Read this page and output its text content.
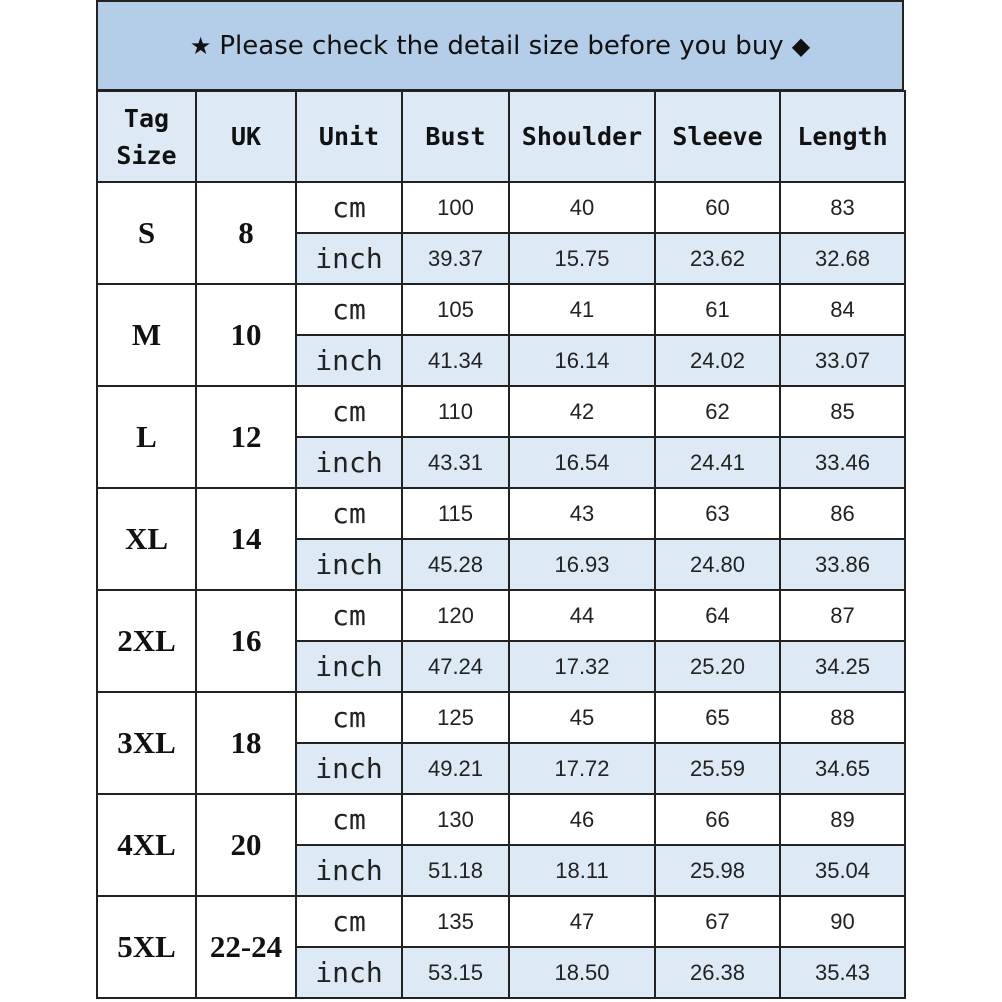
★ Please check the detail size before you buy ◆
Tag
Size	UK	Unit	Bust	Shoulder	Sleeve	Length
S	8	cm	100	40	60	83
		inch	39.37	15.75	23.62	32.68
M	10	cm	105	41	61	84
		inch	41.34	16.14	24.02	33.07
L	12	cm	110	42	62	85
		inch	43.31	16.54	24.41	33.46
XL	14	cm	115	43	63	86
		inch	45.28	16.93	24.80	33.86
2XL	16	cm	120	44	64	87
		inch	47.24	17.32	25.20	34.25
3XL	18	cm	125	45	65	88
		inch	49.21	17.72	25.59	34.65
4XL	20	cm	130	46	66	89
		inch	51.18	18.11	25.98	35.04
5XL	22-24	cm	135	47	67	90
		inch	53.15	18.50	26.38	35.43
